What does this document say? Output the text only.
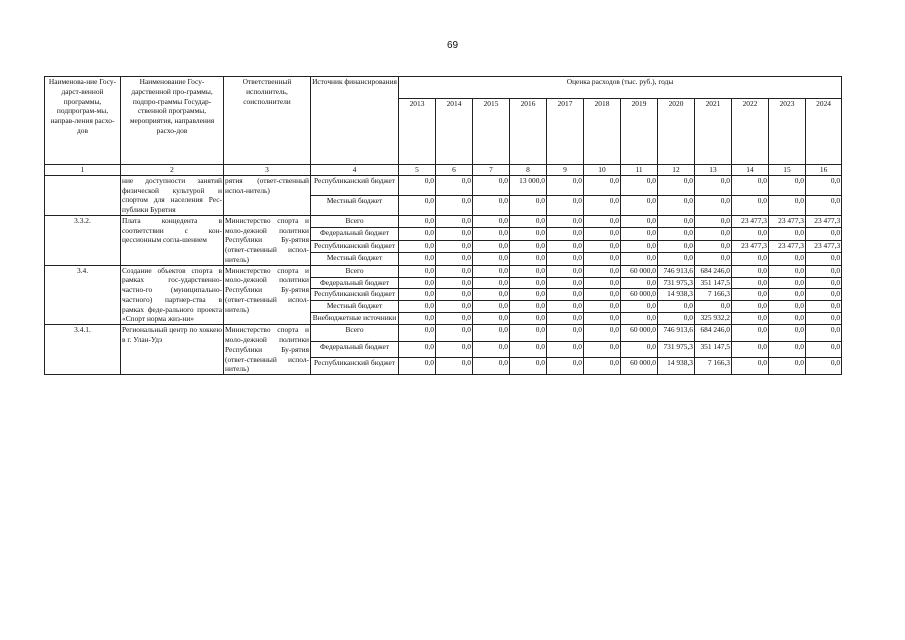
69
Наименова-ние Госу-дарст-венной программы, подпрограм-мы, направ-ления расхо-дов	Наименование Госу-дарственной про-граммы, подпро-граммы Государ-ственной программы, мероприятия, направления расхо-дов	Ответственный исполнитель, соисполнители	Источник финансирования	Оценка расходов (тыс. руб.), годы											
				2013	2014	2015	2016	2017	2018	2019	2020	2021	2022	2023	2024
1	2	3	4	5	6	7	8	9	10	11	12	13	14	15	16
	ние доступности занятий физической культурой и спортом для населения Рес-публики Бурятия	рятия (ответ-ственный испол-нитель)	Республиканский бюджет	0,0	0,0	0,0	13 000,0	0,0	0,0	0,0	0,0	0,0	0,0	0,0	0,0
			Местный бюджет	0,0	0,0	0,0	0,0	0,0	0,0	0,0	0,0	0,0	0,0	0,0	0,0
3.3.2.	Плата концедента в соответствии с кон-цессионным согла-шением	Министерство спорта и моло-дежной политики Республики Бу-рятия (ответ-ственный испол-нитель)	Всего	0,0	0,0	0,0	0,0	0,0	0,0	0,0	0,0	0,0	23 477,3	23 477,3	23 477,3
			Федеральный бюджет	0,0	0,0	0,0	0,0	0,0	0,0	0,0	0,0	0,0	0,0	0,0	0,0
			Республиканский бюджет	0,0	0,0	0,0	0,0	0,0	0,0	0,0	0,0	0,0	23 477,3	23 477,3	23 477,3
			Местный бюджет	0,0	0,0	0,0	0,0	0,0	0,0	0,0	0,0	0,0	0,0	0,0	0,0
3.4.	Создание объектов спорта в рамках гос-ударственно- частно-го (муниципально-частного) партнер-ства в рамках феде-рального проекта «Спорт норма жиз-ни»	Министерство спорта и моло-дежной политики Республики Бу-рятия (ответ-ственный испол-нитель)	Всего	0,0	0,0	0,0	0,0	0,0	0,0	60 000,0	746 913,6	684 246,0	0,0	0,0	0,0
			Федеральный бюджет	0,0	0,0	0,0	0,0	0,0	0,0	0,0	731 975,3	351 147,5	0,0	0,0	0,0
			Республиканский бюджет	0,0	0,0	0,0	0,0	0,0	0,0	60 000,0	14 938,3	7 166,3	0,0	0,0	0,0
			Местный бюджет	0,0	0,0	0,0	0,0	0,0	0,0	0,0	0,0	0,0	0,0	0,0	0,0
			Внебюджетные источники	0,0	0,0	0,0	0,0	0,0	0,0	0,0	0,0	325 932,2	0,0	0,0	0,0
3.4.1.	Региональный центр по хоккею в г. Улан-Удэ	Министерство спорта и моло-дежной политики Республики Бу-рятия (ответ-ственный испол-нитель)	Всего	0,0	0,0	0,0	0,0	0,0	0,0	60 000,0	746 913,6	684 246,0	0,0	0,0	0,0
			Федеральный бюджет	0,0	0,0	0,0	0,0	0,0	0,0	0,0	731 975,3	351 147,5	0,0	0,0	0,0
			Республиканский бюджет	0,0	0,0	0,0	0,0	0,0	0,0	60 000,0	14 938,3	7 166,3	0,0	0,0	0,0
